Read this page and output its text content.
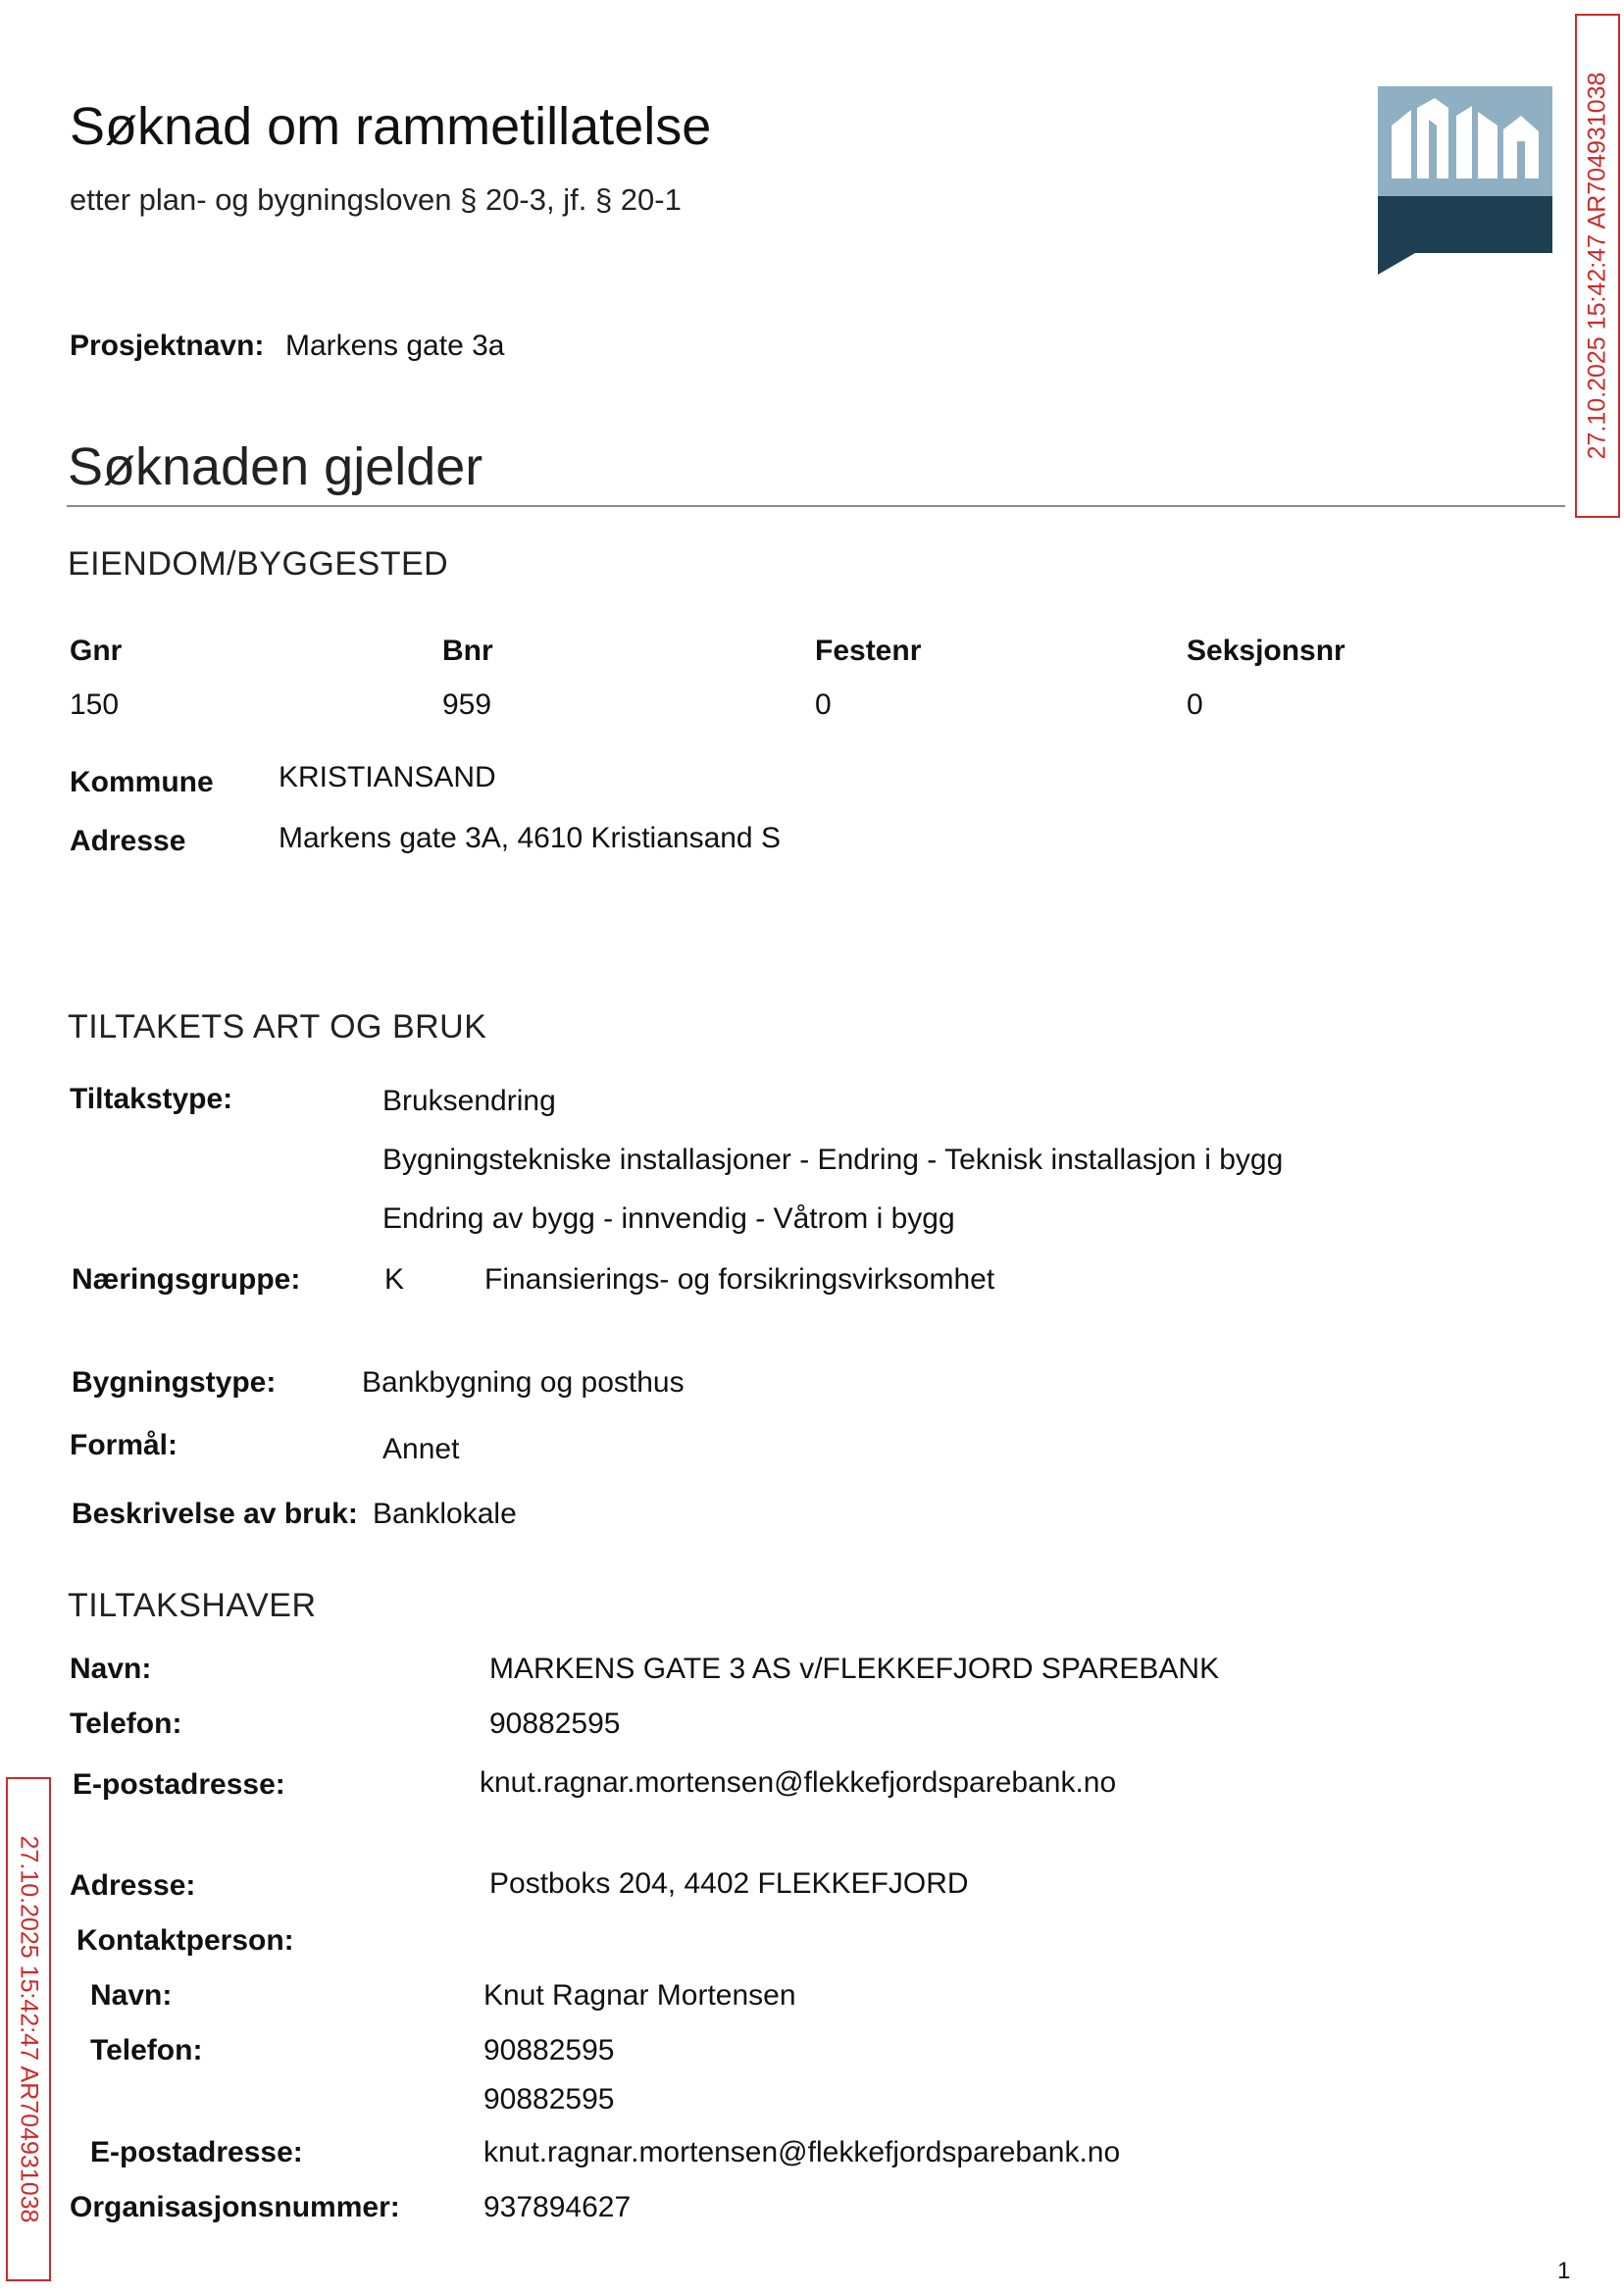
Søknad om rammetillatelse
etter plan- og bygningsloven § 20-3, jf. § 20-1
DIREKTORATET
FOR BYGGKVALITET 27.10.2025 15:42:47 AR704931038
27.10.2025 15:42:47 AR704931038
Prosjektnavn: Markens gate 3a
Søknaden gjelder
EIENDOM/BYGGESTED
Gnr	Bnr	Festenr	Seksjonsnr
150	959	0	0
Kommune KRISTIANSAND
Adresse	Markens gate 3A, 4610 Kristiansand S
TILTAKETS ART OG BRUK
Tiltakstype:	Bruksendring
Bygningstekniske installasjoner - Endring - Teknisk installasjon i bygg
Endring av bygg - innvendig - Våtrom i bygg
Næringsgruppe:	K	Finansierings- og forsikringsvirksomhet
Bygningstype:	Bankbygning og posthus
Formål:	Annet
Beskrivelse av bruk: Banklokale
TILTAKSHAVER
Navn:	MARKENS GATE 3 AS v/FLEKKEFJORD SPAREBANK
Telefon:	90882595
E-postadresse:	knut.ragnar.mortensen@flekkefjordsparebank.no
Adresse:	Postboks 204, 4402 FLEKKEFJORD
Kontaktperson:
Navn:	Knut Ragnar Mortensen
Telefon:	90882595
90882595
E-postadresse:	knut.ragnar.mortensen@flekkefjordsparebank.no
Organisasjonsnummer:	937894627
1
